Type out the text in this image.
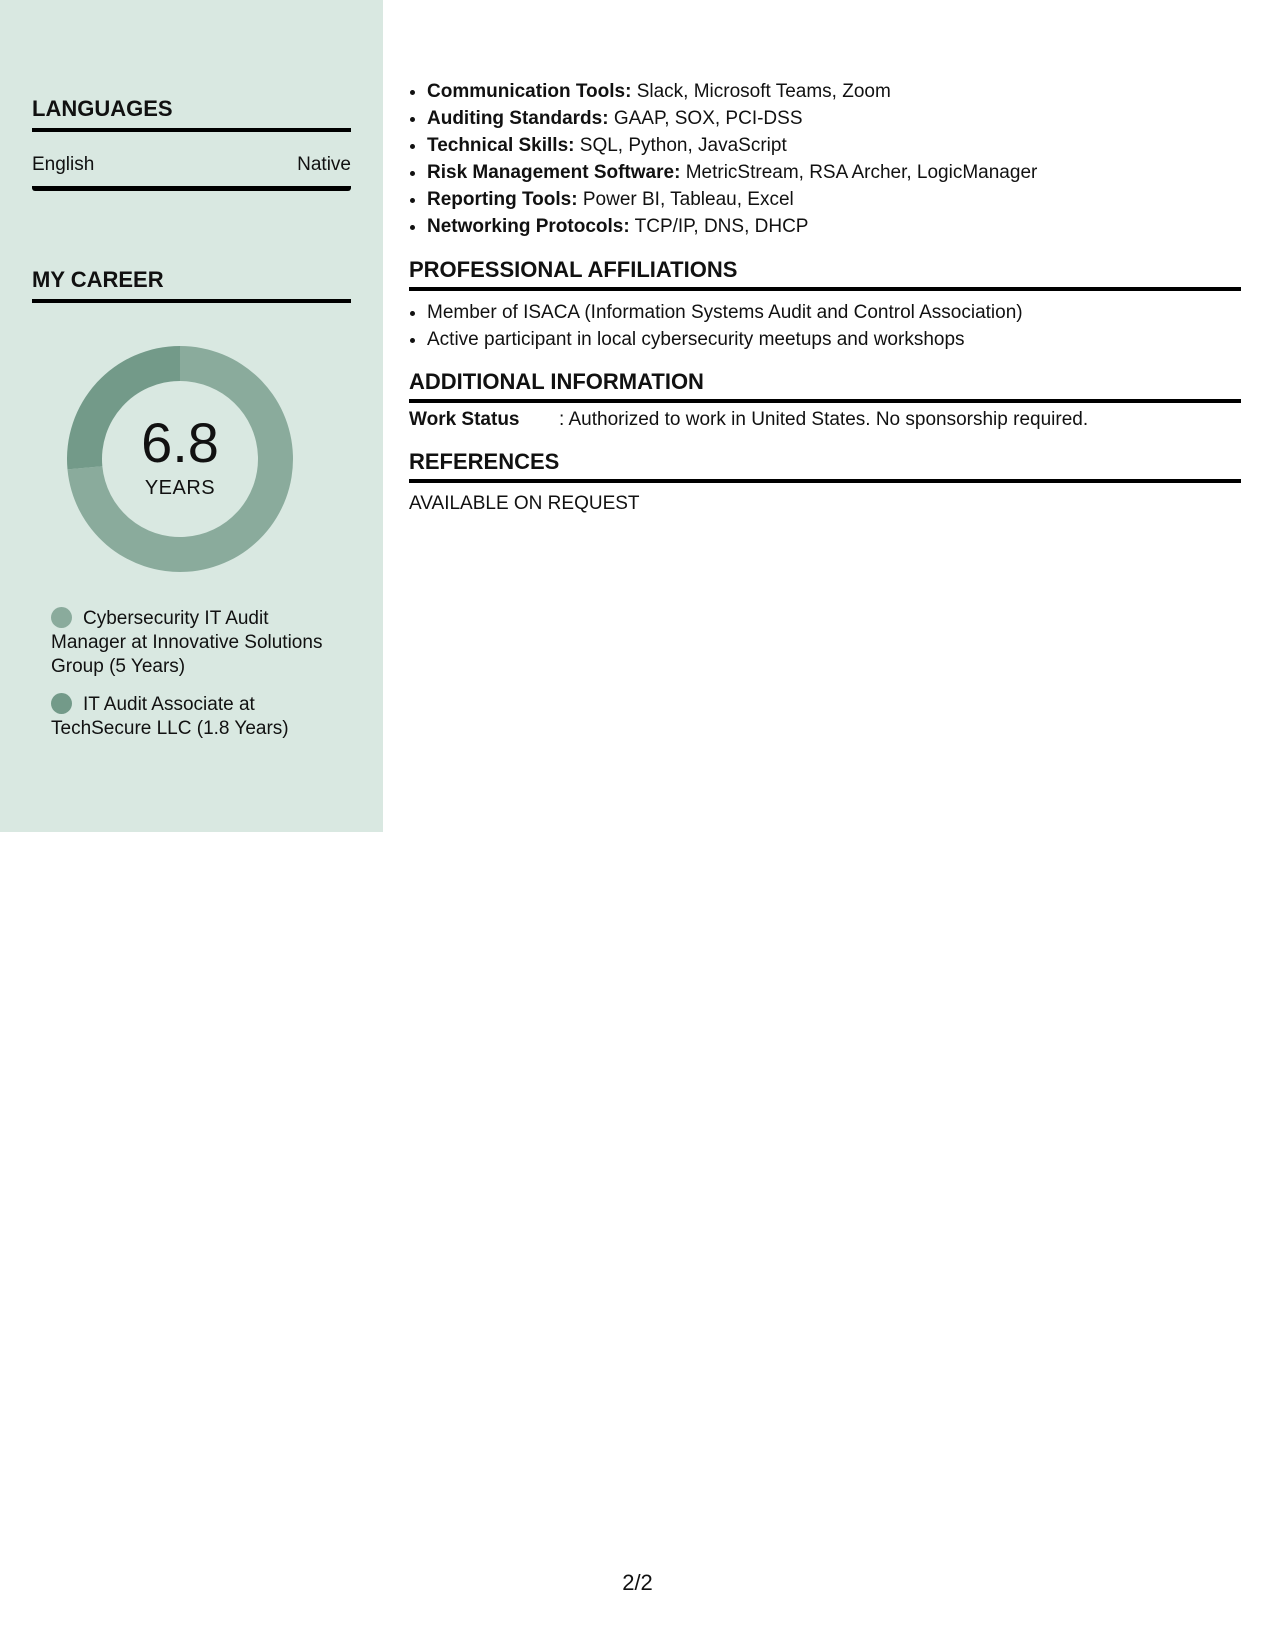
LANGUAGES
English	Native
MY CAREER
6.8
YEARS
Cybersecurity IT Audit Manager at Innovative Solutions Group (5 Years)
IT Audit Associate at TechSecure LLC (1.8 Years)
• Communication Tools: Slack, Microsoft Teams, Zoom
• Auditing Standards: GAAP, SOX, PCI-DSS
• Technical Skills: SQL, Python, JavaScript
• Risk Management Software: MetricStream, RSA Archer, LogicManager
• Reporting Tools: Power BI, Tableau, Excel
• Networking Protocols: TCP/IP, DNS, DHCP
PROFESSIONAL AFFILIATIONS
• Member of ISACA (Information Systems Audit and Control Association)
• Active participant in local cybersecurity meetups and workshops
ADDITIONAL INFORMATION
Work Status	: Authorized to work in United States. No sponsorship required.
REFERENCES
AVAILABLE ON REQUEST
2/2
